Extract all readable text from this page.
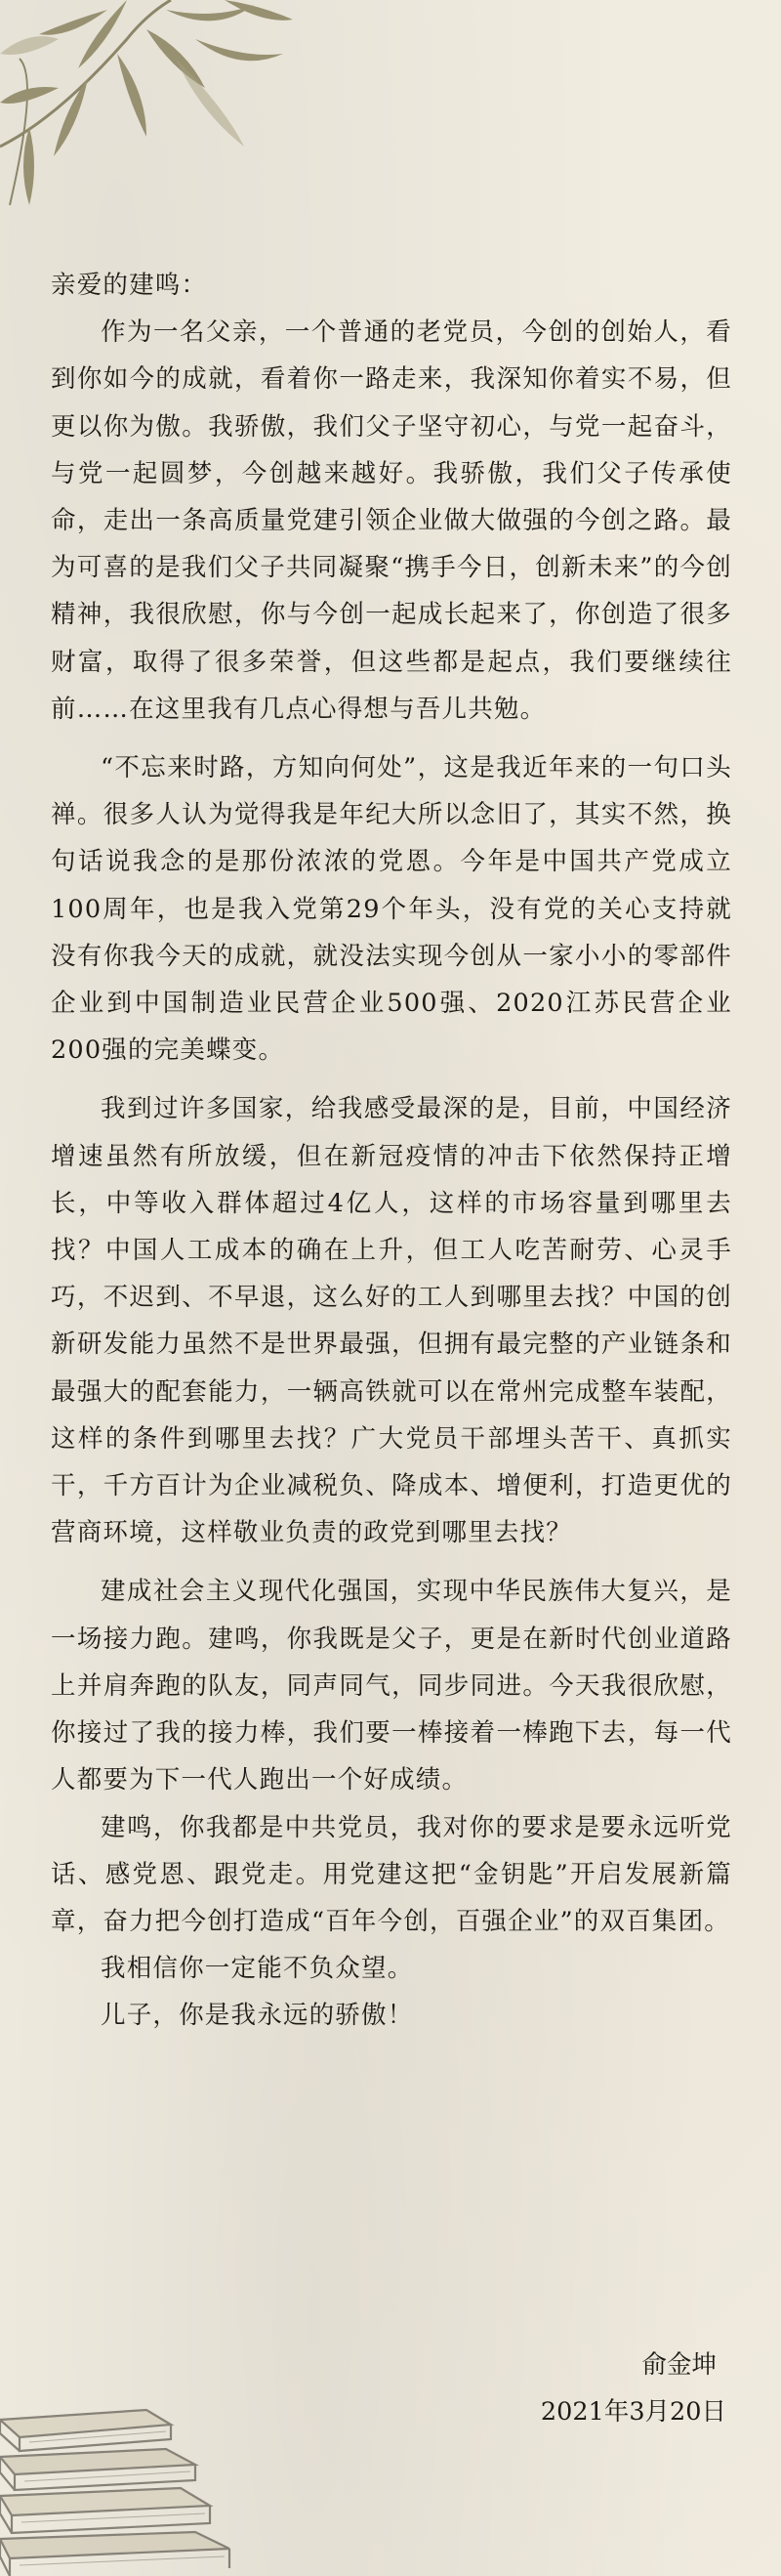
亲爱的建鸣：

作为一名父亲，一个普通的老党员，今创的创始人，看到你如今的成就，看着你一路走来，我深知你着实不易，但更以你为傲。我骄傲，我们父子坚守初心，与党一起奋斗，与党一起圆梦，今创越来越好。我骄傲，我们父子传承使命，走出一条高质量党建引领企业做大做强的今创之路。最为可喜的是我们父子共同凝聚“携手今日，创新未来”的今创精神，我很欣慰，你与今创一起成长起来了，你创造了很多财富，取得了很多荣誉，但这些都是起点，我们要继续往前……在这里我有几点心得想与吾儿共勉。

“不忘来时路，方知向何处”，这是我近年来的一句口头禅。很多人认为觉得我是年纪大所以念旧了，其实不然，换句话说我念的是那份浓浓的党恩。今年是中国共产党成立100周年，也是我入党第29个年头，没有党的关心支持就没有你我今天的成就，就没法实现今创从一家小小的零部件企业到中国制造业民营企业500强、2020江苏民营企业200强的完美蝶变。

我到过许多国家，给我感受最深的是，目前，中国经济增速虽然有所放缓，但在新冠疫情的冲击下依然保持正增长，中等收入群体超过4亿人，这样的市场容量到哪里去找？中国人工成本的确在上升，但工人吃苦耐劳、心灵手巧，不迟到、不早退，这么好的工人到哪里去找？中国的创新研发能力虽然不是世界最强，但拥有最完整的产业链条和最强大的配套能力，一辆高铁就可以在常州完成整车装配，这样的条件到哪里去找？广大党员干部埋头苦干、真抓实干，千方百计为企业减税负、降成本、增便利，打造更优的营商环境，这样敬业负责的政党到哪里去找？

建成社会主义现代化强国，实现中华民族伟大复兴，是一场接力跑。建鸣，你我既是父子，更是在新时代创业道路上并肩奔跑的队友，同声同气，同步同进。今天我很欣慰，你接过了我的接力棒，我们要一棒接着一棒跑下去，每一代人都要为下一代人跑出一个好成绩。

建鸣，你我都是中共党员，我对你的要求是要永远听党话、感党恩、跟党走。用党建这把“金钥匙”开启发展新篇章，奋力把今创打造成“百年今创，百强企业”的双百集团。

我相信你一定能不负众望。

儿子，你是我永远的骄傲！

俞金坤
2021年3月20日
